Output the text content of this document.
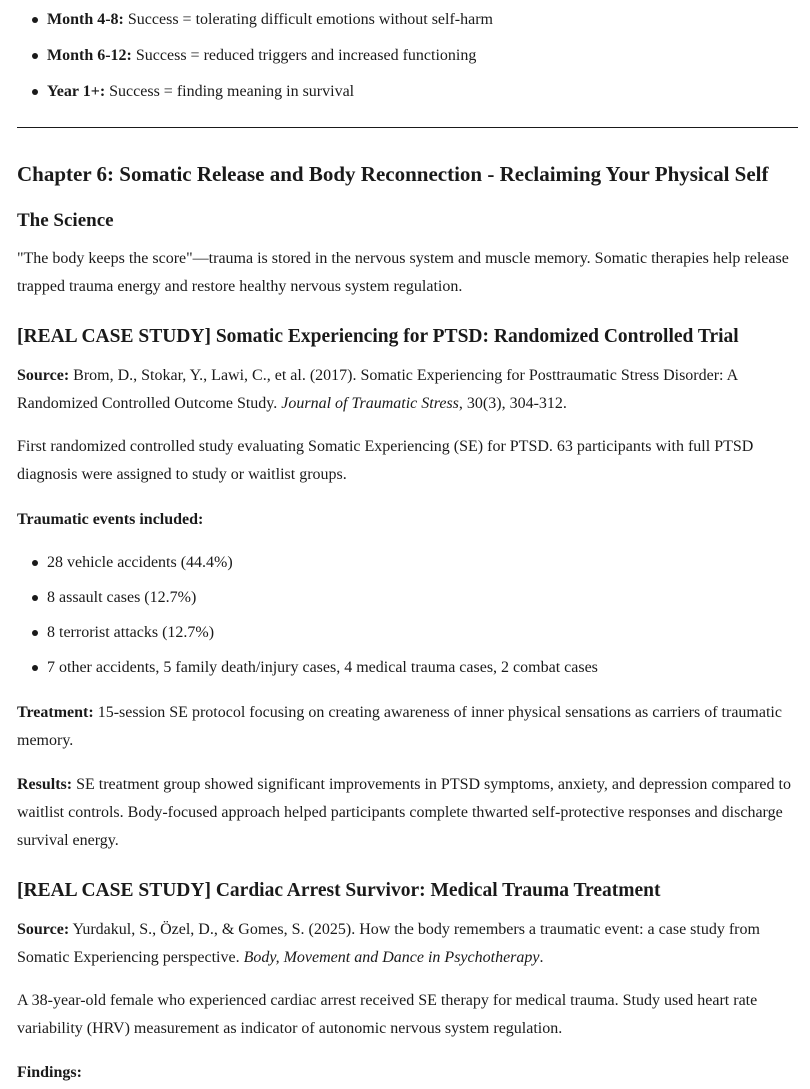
Month 4-8: Success = tolerating difficult emotions without self-harm
Month 6-12: Success = reduced triggers and increased functioning
Year 1+: Success = finding meaning in survival
Chapter 6: Somatic Release and Body Reconnection - Reclaiming Your Physical Self
The Science

"The body keeps the score"—trauma is stored in the nervous system and muscle memory. Somatic therapies help release trapped trauma energy and restore healthy nervous system regulation.

[REAL CASE STUDY] Somatic Experiencing for PTSD: Randomized Controlled Trial

Source: Brom, D., Stokar, Y., Lawi, C., et al. (2017). Somatic Experiencing for Posttraumatic Stress Disorder: A Randomized Controlled Outcome Study. Journal of Traumatic Stress, 30(3), 304-312.

First randomized controlled study evaluating Somatic Experiencing (SE) for PTSD. 63 participants with full PTSD diagnosis were assigned to study or waitlist groups.

Traumatic events included:

28 vehicle accidents (44.4%)
8 assault cases (12.7%)
8 terrorist attacks (12.7%)
7 other accidents, 5 family death/injury cases, 4 medical trauma cases, 2 combat cases

Treatment: 15-session SE protocol focusing on creating awareness of inner physical sensations as carriers of traumatic memory.

Results: SE treatment group showed significant improvements in PTSD symptoms, anxiety, and depression compared to waitlist controls. Body-focused approach helped participants complete thwarted self-protective responses and discharge survival energy.

[REAL CASE STUDY] Cardiac Arrest Survivor: Medical Trauma Treatment

Source: Yurdakul, S., Özel, D., & Gomes, S. (2025). How the body remembers a traumatic event: a case study from Somatic Experiencing perspective. Body, Movement and Dance in Psychotherapy.

A 38-year-old female who experienced cardiac arrest received SE therapy for medical trauma. Study used heart rate variability (HRV) measurement as indicator of autonomic nervous system regulation.

Findings:
